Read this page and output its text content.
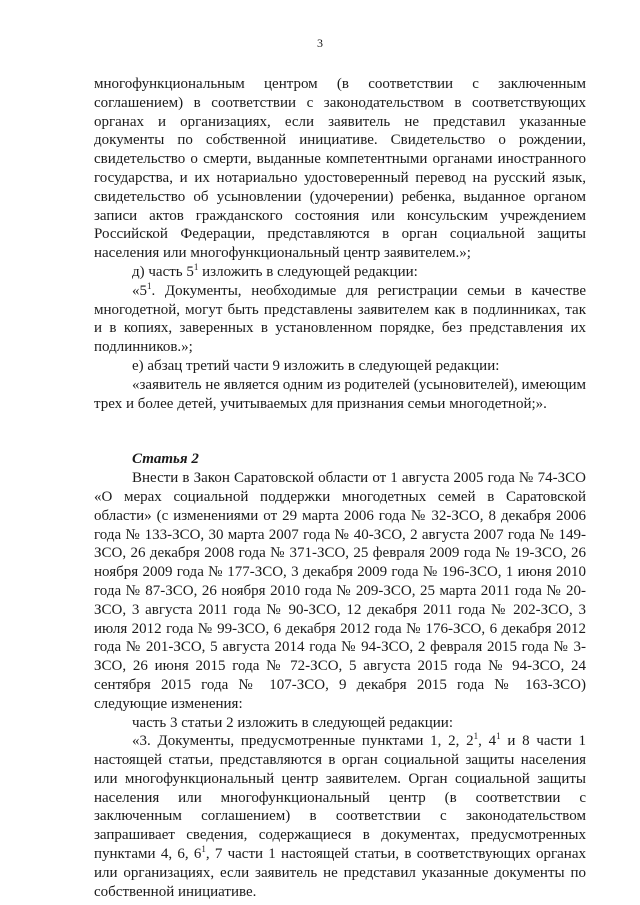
3

многофункциональным центром (в соответствии с заключенным соглашением) в соответствии с законодательством в соответствующих органах и организациях, если заявитель не представил указанные документы по собственной инициативе. Свидетельство о рождении, свидетельство о смерти, выданные компетентными органами иностранного государства, и их нотариально удостоверенный перевод на русский язык, свидетельство об усыновлении (удочерении) ребенка, выданное органом записи актов гражданского состояния или консульским учреждением Российской Федерации, представляются в орган социальной защиты населения или многофункциональный центр заявителем.»;

д) часть $5^1$ изложить в следующей редакции:

«$5^1$. Документы, необходимые для регистрации семьи в качестве многодетной, могут быть представлены заявителем как в подлинниках, так и в копиях, заверенных в установленном порядке, без представления их подлинников.»;

е) абзац третий части 9 изложить в следующей редакции:

«заявитель не является одним из родителей (усыновителей), имеющим трех и более детей, учитываемых для признания семьи многодетной;».

Статья 2

Внести в Закон Саратовской области от 1 августа 2005 года № 74-ЗСО «О мерах социальной поддержки многодетных семей в Саратовской области» (с изменениями от 29 марта 2006 года № 32-ЗСО, 8 декабря 2006 года № 133-ЗСО, 30 марта 2007 года № 40-ЗСО, 2 августа 2007 года № 149-ЗСО, 26 декабря 2008 года № 371-ЗСО, 25 февраля 2009 года № 19-ЗСО, 26 ноября 2009 года № 177-ЗСО, 3 декабря 2009 года № 196-ЗСО, 1 июня 2010 года № 87-ЗСО, 26 ноября 2010 года № 209-ЗСО, 25 марта 2011 года № 20-ЗСО, 3 августа 2011 года № 90-ЗСО, 12 декабря 2011 года № 202-ЗСО, 3 июля 2012 года № 99-ЗСО, 6 декабря 2012 года № 176-ЗСО, 6 декабря 2012 года № 201-ЗСО, 5 августа 2014 года № 94-ЗСО, 2 февраля 2015 года № 3-ЗСО, 26 июня 2015 года № 72-ЗСО, 5 августа 2015 года № 94-ЗСО, 24 сентября 2015 года № 107-ЗСО, 9 декабря 2015 года № 163-ЗСО) следующие изменения:

часть 3 статьи 2 изложить в следующей редакции:

«3. Документы, предусмотренные пунктами 1, 2, $2^1$, $4^1$ и 8 части 1 настоящей статьи, представляются в орган социальной защиты населения или многофункциональный центр заявителем. Орган социальной защиты населения или многофункциональный центр (в соответствии с заключенным соглашением) в соответствии с законодательством запрашивает сведения, содержащиеся в документах, предусмотренных пунктами 4, 6, $6^1$, 7 части 1 настоящей статьи, в соответствующих органах или организациях, если заявитель не представил указанные документы по собственной инициативе.
